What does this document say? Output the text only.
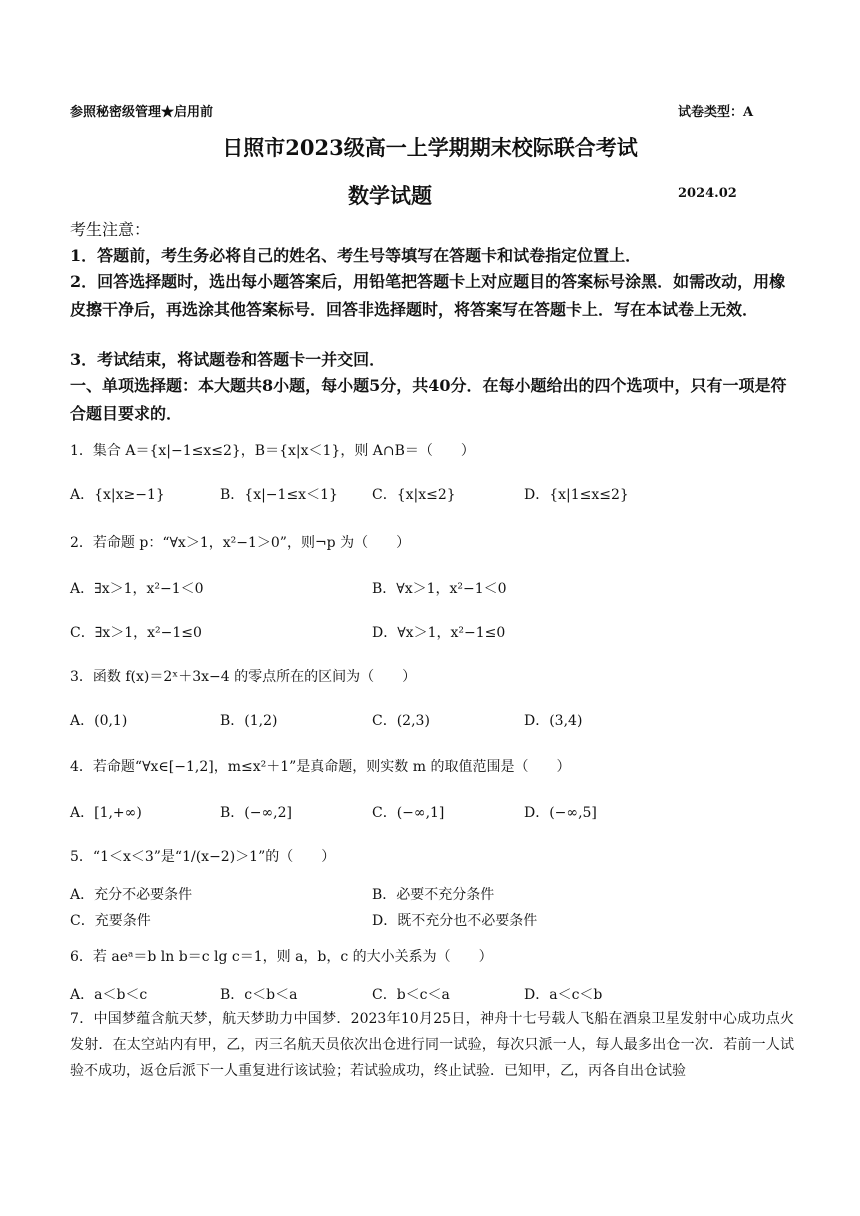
参照秘密级管理★启用前	试卷类型：A
日照市2023级高一上学期期末校际联合考试
数学试题	2024.02
考生注意：
1．答题前，考生务必将自己的姓名、考生号等填写在答题卡和试卷指定位置上．
2．回答选择题时，选出每小题答案后，用铅笔把答题卡上对应题目的答案标号涂黑．如需改动，用橡皮擦干净后，再选涂其他答案标号．回答非选择题时，将答案写在答题卡上．写在本试卷上无效．
3．考试结束，将试题卷和答题卡一并交回．
一、单项选择题：本大题共8小题，每小题5分，共40分．在每小题给出的四个选项中，只有一项是符合题目要求的．
1．集合 A＝{x|−1≤x≤2}，B＝{x|x＜1}，则 A∩B＝（　　）
A．{x|x≥−1}	B．{x|−1≤x＜1} C．{x|x≤2}	D．{x|1≤x≤2}
2．若命题 p：“∀x＞1，x²−1＞0”，则¬p 为（　　）
A．∃x＞1，x²−1＜0	B．∀x＞1，x²−1＜0
C．∃x＞1，x²−1≤0	D．∀x＞1，x²−1≤0
3．函数 f(x)＝2ˣ＋3x−4 的零点所在的区间为（　　）
A．(0,1)	B．(1,2)	C．(2,3)	D．(3,4)
4．若命题“∀x∈[−1,2]，m≤x²＋1”是真命题，则实数 m 的取值范围是（　　）
A．[1,+∞)	B．(−∞,2]	C．(−∞,1]	D．(−∞,5]
5．“1＜x＜3”是“1/(x−2)＞1”的（　　）
A．充分不必要条件	B．必要不充分条件
C．充要条件	D．既不充分也不必要条件
6．若 aeᵃ＝b ln b＝c lg c＝1，则 a，b，c 的大小关系为（　　）
A．a＜b＜c	B．c＜b＜a	C．b＜c＜a	D．a＜c＜b
7．中国梦蕴含航天梦，航天梦助力中国梦．2023年10月25日，神舟十七号载人飞船在酒泉卫星发射中心成功点火发射．在太空站内有甲，乙，丙三名航天员依次出仓进行同一试验，每次只派一人，每人最多出仓一次．若前一人试验不成功，返仓后派下一人重复进行该试验；若试验成功，终止试验．已知甲，乙，丙各自出仓试验
